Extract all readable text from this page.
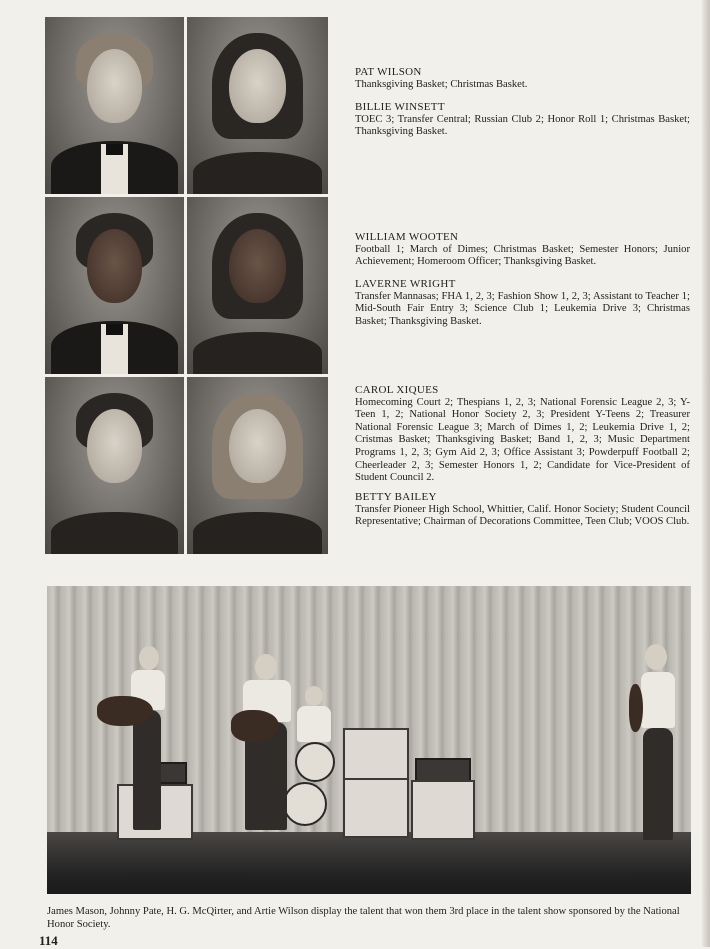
PAT WILSON
Thanksgiving Basket; Christmas Basket.
BILLIE WINSETT
TOEC 3; Transfer Central; Russian Club 2; Honor Roll 1; Christmas Basket; Thanksgiving Basket.
WILLIAM WOOTEN
Football 1; March of Dimes; Christmas Basket; Semester Honors; Junior Achievement; Homeroom Officer; Thanksgiving Basket.
LAVERNE WRIGHT
Transfer Mannasas; FHA 1, 2, 3; Fashion Show 1, 2, 3; Assistant to Teacher 1; Mid-South Fair Entry 3; Science Club 1; Leukemia Drive 3; Christmas Basket; Thanksgiving Basket.
CAROL XIQUES
Homecoming Court 2; Thespians 1, 2, 3; National Forensic League 2, 3; Y-Teen 1, 2; National Honor Society 2, 3; President Y-Teens 2; Treasurer National Forensic League 3; March of Dimes 1, 2; Leukemia Drive 1, 2; Cristmas Basket; Thanksgiving Basket; Band 1, 2, 3; Music Department Programs 1, 2, 3; Gym Aid 2, 3; Office Assistant 3; Powderpuff Football 2; Cheerleader 2, 3; Semester Honors 1, 2; Candidate for Vice-President of Student Council 2.
BETTY BAILEY
Transfer Pioneer High School, Whittier, Calif. Honor Society; Student Council Representative; Chairman of Decorations Committee, Teen Club; VOOS Club.
James Mason, Johnny Pate, H. G. McQirter, and Artie Wilson display the talent that won them 3rd place in the talent show sponsored by the National Honor Society.
114
